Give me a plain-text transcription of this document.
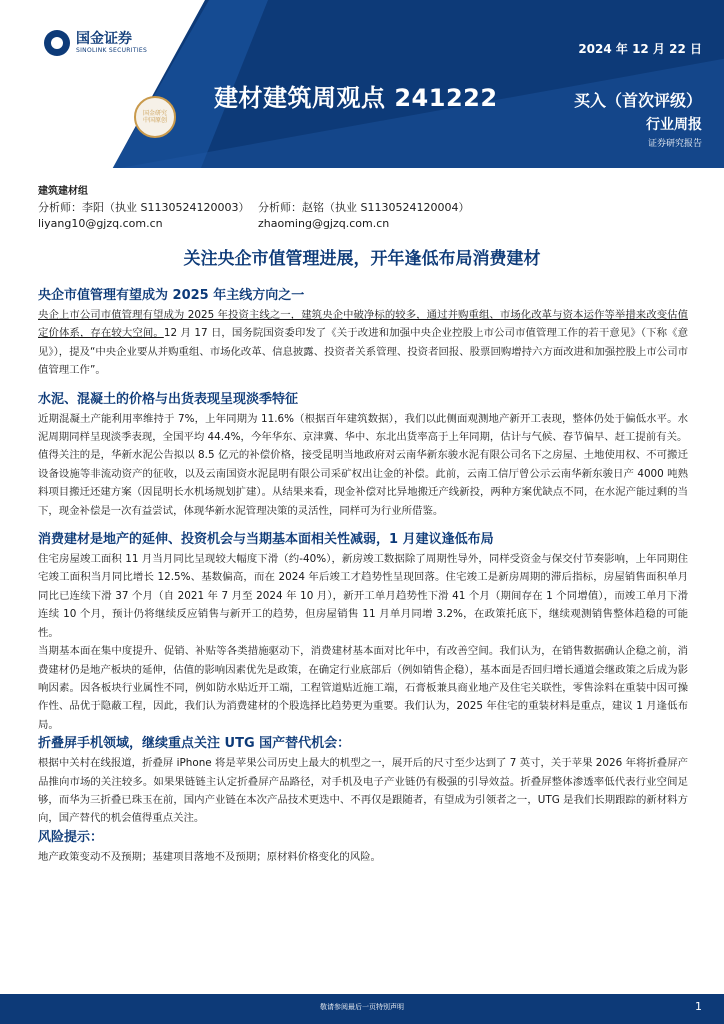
国金证券
SINOLINK SECURITIES
国金研究 中国原创
2024 年 12 月 22 日
建材建筑周观点 241222	买入（首次评级）
行业周报
证券研究报告
建筑建材组
分析师：李阳（执业 S1130524120003）
liyang10@gjzq.com.cn
分析师：赵铭（执业 S1130524120004）
zhaoming@gjzq.com.cn
关注央企市值管理进展，开年逢低布局消费建材
央企市值管理有望成为 2025 年主线方向之一

央企上市公司市值管理有望成为 2025 年投资主线之一，建筑央企中破净标的较多，通过并购重组、市场化改革与资本运作等举措来改变估值定价体系，存在较大空间。12 月 17 日，国务院国资委印发了《关于改进和加强中央企业控股上市公司市值管理工作的若干意见》（下称《意见》），提及“中央企业要从并购重组、市场化改革、信息披露、投资者关系管理、投资者回报、股票回购增持六方面改进和加强控股上市公司市值管理工作”。

水泥、混凝土的价格与出货表现呈现淡季特征

近期混凝土产能利用率维持于 7%，上年同期为 11.6%（根据百年建筑数据），我们以此侧面观测地产新开工表现，整体仍处于偏低水平。水泥周期同样呈现淡季表现，全国平均 44.4%，今年华东、京津冀、华中、东北出货率高于上年同期，估计与气候、春节偏早、赶工提前有关。

值得关注的是，华新水泥公告拟以 8.5 亿元的补偿价格，接受昆明当地政府对云南华新东骏水泥有限公司名下之房屋、土地使用权、不可搬迁设备设施等非流动资产的征收，以及云南国资水泥昆明有限公司采矿权出让金的补偿。此前，云南工信厅曾公示云南华新东骏日产 4000 吨熟料项目搬迁还建方案（因昆明长水机场规划扩建）。从结果来看，现金补偿对比异地搬迁产线新投，两种方案优缺点不同，在水泥产能过剩的当下，现金补偿是一次有益尝试，体现华新水泥管理决策的灵活性，同样可为行业所借鉴。

消费建材是地产的延伸、投资机会与当期基本面相关性减弱，1 月建议逢低布局

住宅房屋竣工面积 11 月当月同比呈现较大幅度下滑（约-40%），新房竣工数据除了周期性导外，同样受资金与保交付节奏影响，上年同期住宅竣工面积当月同比增长 12.5%、基数偏高，而在 2024 年后竣工才趋势性呈现回落。住宅竣工是新房周期的滞后指标，房屋销售面积单月同比已连续下滑 37 个月（自 2021 年 7 月至 2024 年 10 月），新开工单月趋势性下滑 41 个月（期间存在 1 个同增值），而竣工单月下滑连续 10 个月，预计仍将继续反应销售与新开工的趋势，但房屋销售 11 月单月同增 3.2%，在政策托底下，继续观测销售整体趋稳的可能性。

当期基本面在集中度提升、促销、补贴等各类措施驱动下，消费建材基本面对比年中，有改善空间。我们认为，在销售数据确认企稳之前，消费建材仍是地产板块的延伸，估值的影响因素优先是政策，在确定行业底部后（例如销售企稳），基本面是否回归增长通道会继政策之后成为影响因素。因各板块行业属性不同，例如防水贴近开工端，工程管道贴近施工端，石膏板兼具商业地产及住宅关联性，零售涂料在重装中因可操作性、品优于隐蔽工程，因此，我们认为消费建材的个股选择比趋势更为重要。我们认为，2025 年住宅的重装材料是重点，建议 1 月逢低布局。

折叠屏手机领域，继续重点关注 UTG 国产替代机会：

根据中关村在线报道，折叠屏 iPhone 将是苹果公司历史上最大的机型之一，展开后的尺寸至少达到了 7 英寸，关于苹果 2026 年将折叠屏产品推向市场的关注较多。如果果链链主认定折叠屏产品路径，对手机及电子产业链仍有极强的引导效益。折叠屏整体渗透率低代表行业空间足够，而华为三折叠已珠玉在前，国内产业链在本次产品技术更迭中、不再仅是跟随者，有望成为引领者之一，UTG 是我们长期跟踪的新材料方向，国产替代的机会值得重点关注。

风险提示：

地产政策变动不及预期；基建项目落地不及预期；原材料价格变化的风险。

敬请参阅最后一页特别声明	1
